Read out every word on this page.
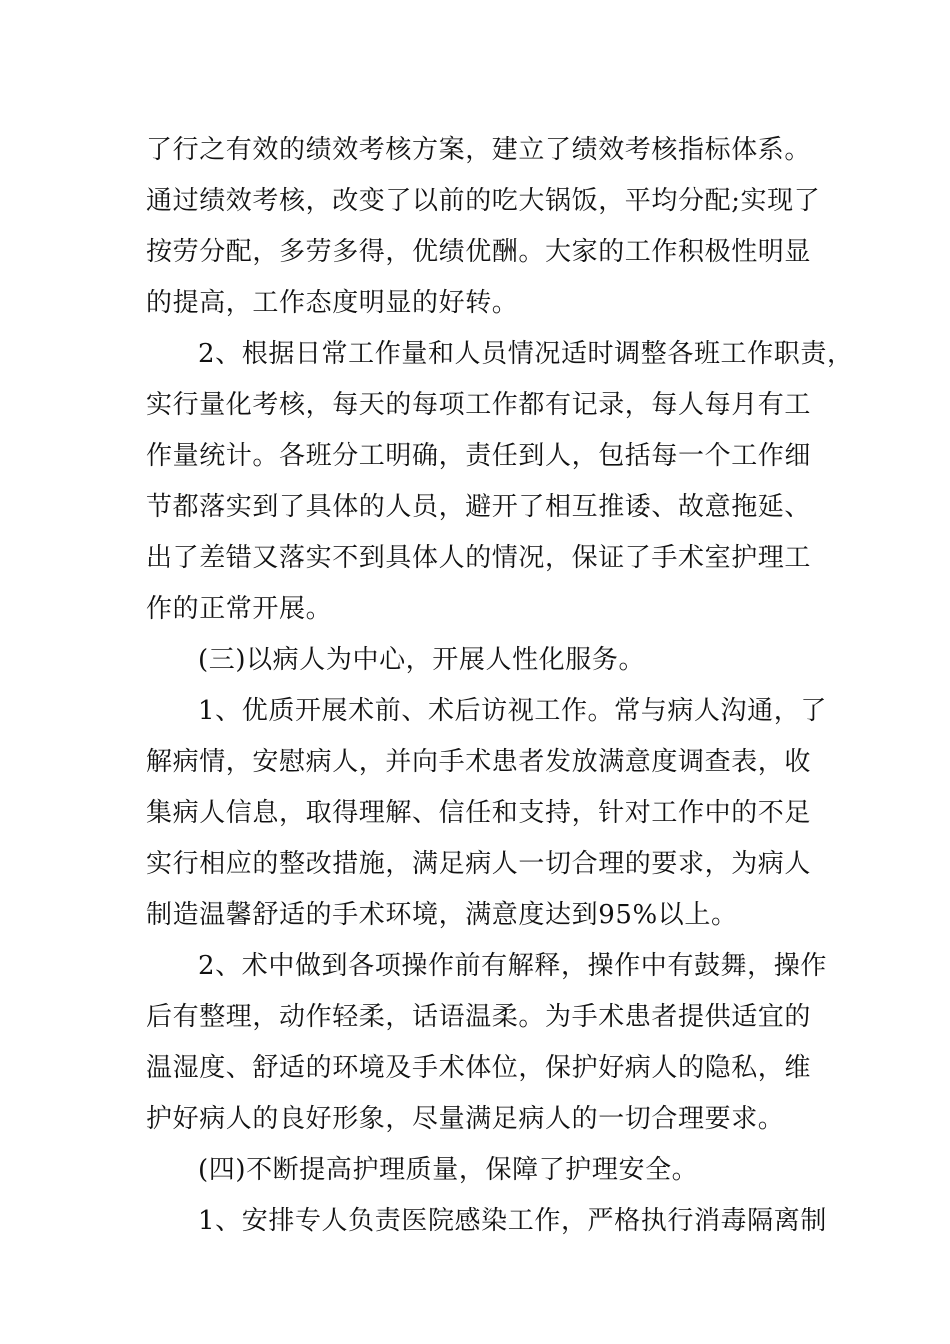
了行之有效的绩效考核方案，建立了绩效考核指标体系。
通过绩效考核，改变了以前的吃大锅饭，平均分配;实现了
按劳分配，多劳多得，优绩优酬。大家的工作积极性明显
的提高，工作态度明显的好转。
2、根据日常工作量和人员情况适时调整各班工作职责，
实行量化考核，每天的每项工作都有记录，每人每月有工
作量统计。各班分工明确，责任到人，包括每一个工作细
节都落实到了具体的人员，避开了相互推诿、故意拖延、
出了差错又落实不到具体人的情况，保证了手术室护理工
作的正常开展。
(三)以病人为中心，开展人性化服务。
1、优质开展术前、术后访视工作。常与病人沟通，了
解病情，安慰病人，并向手术患者发放满意度调查表，收
集病人信息，取得理解、信任和支持，针对工作中的不足
实行相应的整改措施，满足病人一切合理的要求，为病人
制造温馨舒适的手术环境，满意度达到95%以上。
2、术中做到各项操作前有解释，操作中有鼓舞，操作
后有整理，动作轻柔，话语温柔。为手术患者提供适宜的
温湿度、舒适的环境及手术体位，保护好病人的隐私，维
护好病人的良好形象，尽量满足病人的一切合理要求。
(四)不断提高护理质量，保障了护理安全。
1、安排专人负责医院感染工作，严格执行消毒隔离制
